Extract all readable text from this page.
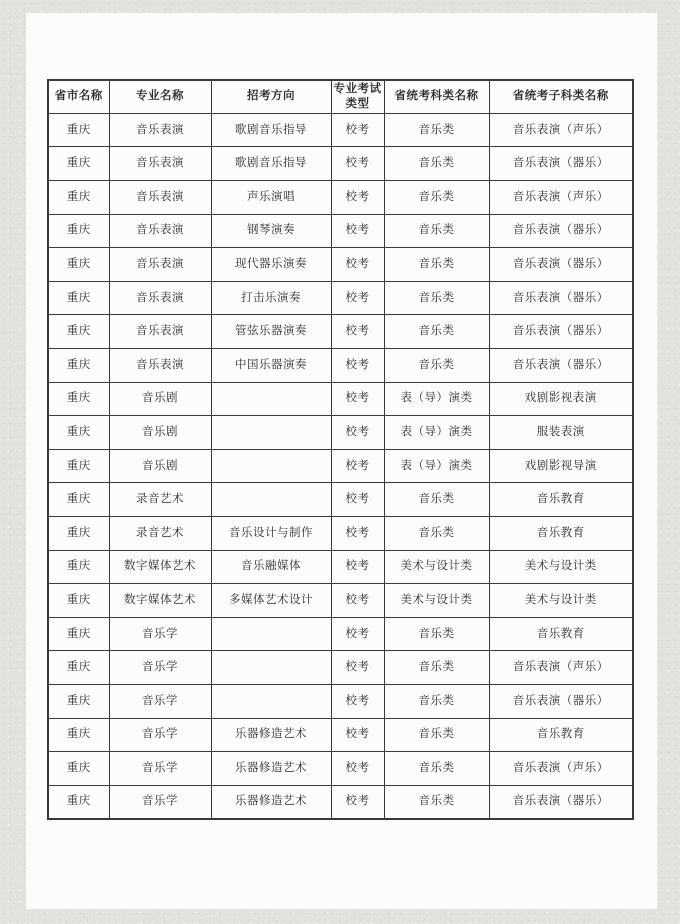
省市名称	专业名称	招考方向	专业考试类型	省统考科类名称	省统考子科类名称
重庆	音乐表演	歌剧音乐指导	校考	音乐类	音乐表演（声乐）
重庆	音乐表演	歌剧音乐指导	校考	音乐类	音乐表演（器乐）
重庆	音乐表演	声乐演唱	校考	音乐类	音乐表演（声乐）
重庆	音乐表演	钢琴演奏	校考	音乐类	音乐表演（器乐）
重庆	音乐表演	现代器乐演奏	校考	音乐类	音乐表演（器乐）
重庆	音乐表演	打击乐演奏	校考	音乐类	音乐表演（器乐）
重庆	音乐表演	管弦乐器演奏	校考	音乐类	音乐表演（器乐）
重庆	音乐表演	中国乐器演奏	校考	音乐类	音乐表演（器乐）
重庆	音乐剧		校考	表（导）演类	戏剧影视表演
重庆	音乐剧		校考	表（导）演类	服装表演
重庆	音乐剧		校考	表（导）演类	戏剧影视导演
重庆	录音艺术		校考	音乐类	音乐教育
重庆	录音艺术	音乐设计与制作	校考	音乐类	音乐教育
重庆	数字媒体艺术	音乐融媒体	校考	美术与设计类	美术与设计类
重庆	数字媒体艺术	多媒体艺术设计	校考	美术与设计类	美术与设计类
重庆	音乐学		校考	音乐类	音乐教育
重庆	音乐学		校考	音乐类	音乐表演（声乐）
重庆	音乐学		校考	音乐类	音乐表演（器乐）
重庆	音乐学	乐器修造艺术	校考	音乐类	音乐教育
重庆	音乐学	乐器修造艺术	校考	音乐类	音乐表演（声乐）
重庆	音乐学	乐器修造艺术	校考	音乐类	音乐表演（器乐）
